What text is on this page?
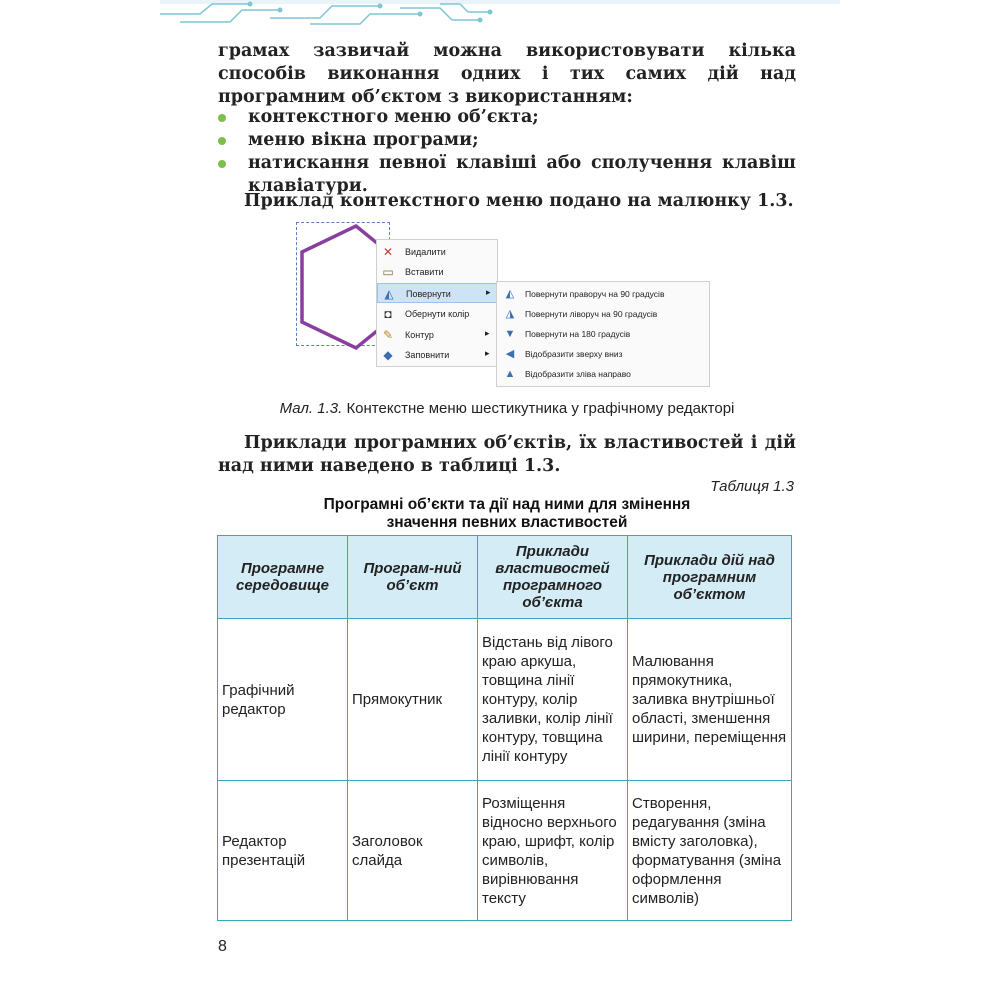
грамах зазвичай можна використовувати кілька способів виконання одних і тих самих дій над програмним об’єктом з використанням:

контекстного меню об’єкта;
меню вікна програми;
натискання певної клавіші або сполучення клавіш клавіатури.

Приклад контекстного меню подано на малюнку 1.3.

✕ Видалити
▭ Вставити
◭ Повернути	▸
◘	Обернути колір
✎ Контур	▸
◆ Заповнити	▸
◭	Повернути праворуч на 90 градусів
◮	Повернути ліворуч на 90 градусів
▼ Повернути на 180 градусів
◀	Відобразити зверху вниз
▲ Відобразити зліва направо
Мал. 1.3. Контекстне меню шестикутника у графічному редакторі

Приклади програмних об’єктів, їх властивостей і дій над ними наведено в таблиці 1.3.

Таблиця 1.3
Програмні об’єкти та дії над ними для змінення
значення певних властивостей
Програмне середовище	Програм-ний об’єкт	Приклади властивостей програмного об’єкта	Приклади дій над програмним об’єктом
Графічний редактор	Прямокутник	Відстань від лівого краю аркуша, товщина лінії контуру, колір заливки, колір лінії контуру, товщина лінії контуру	Малювання прямокутника, заливка внутрішньої області, зменшення ширини, переміщення
Редактор презентацій	Заголовок слайда	Розміщення відносно верхнього краю, шрифт, колір символів, вирівнювання тексту	Створення, редагування (зміна вмісту заголовка), форматування (зміна оформлення символів)
8
